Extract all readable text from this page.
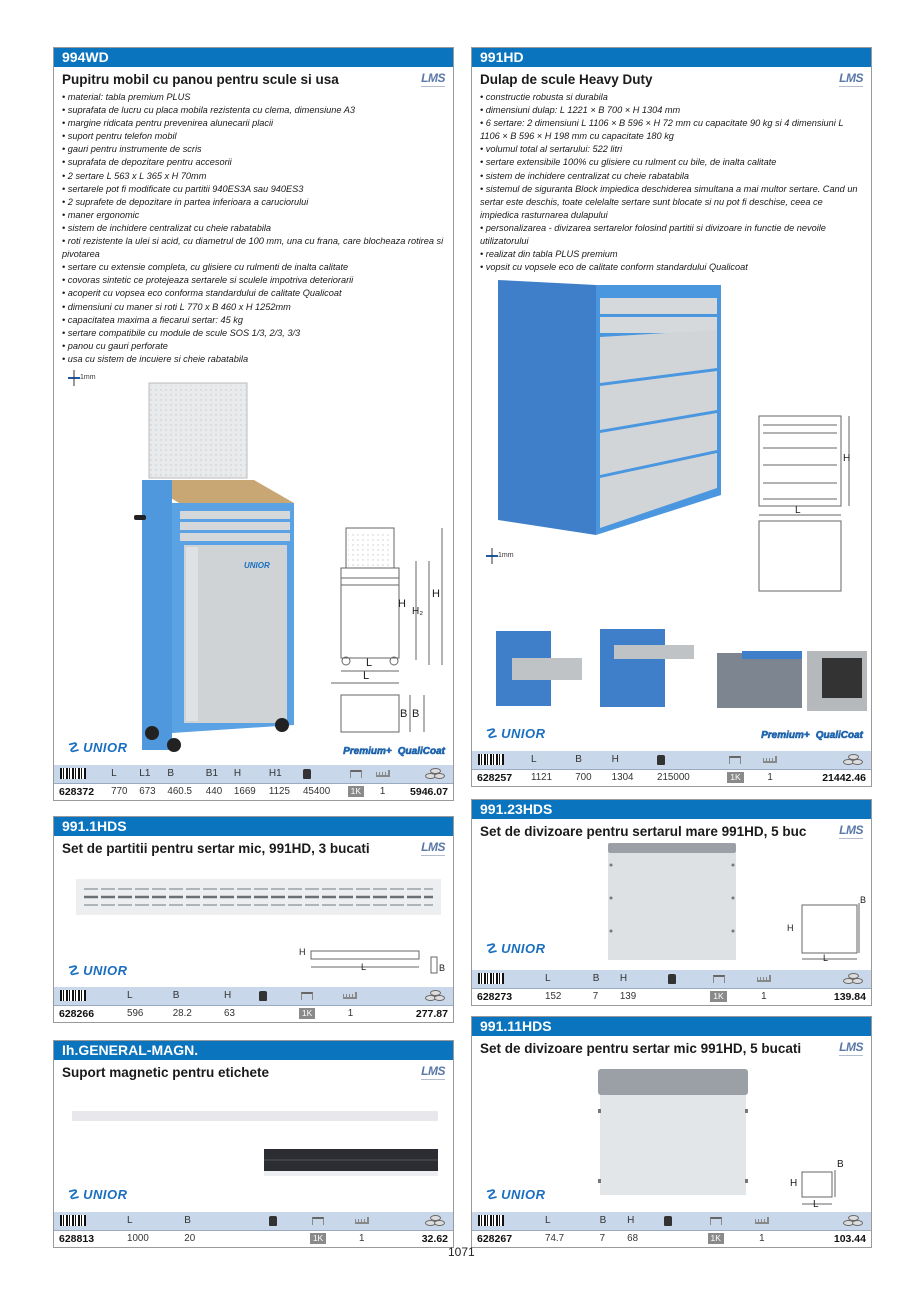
994WD
Pupitru mobil cu panou pentru scule si usa	LMS
• material: tabla premium PLUS
• suprafata de lucru cu placa mobila rezistenta cu clema, dimensiune A3
• margine ridicata pentru prevenirea alunecarii placii
• suport pentru telefon mobil
• gauri pentru instrumente de scris
• suprafata de depozitare pentru accesorii
• 2 sertare L 563 x L 365 x H 70mm
• sertarele pot fi modificate cu partitii 940ES3A sau 940ES3
• 2 suprafete de depozitare in partea inferioara a caruciorului
• maner ergonomic
• sistem de inchidere centralizat cu cheie rabatabila
• roti rezistente la ulei si acid, cu diametrul de 100 mm, una cu frana, care blocheaza rotirea si pivotarea
• sertare cu extensie completa, cu glisiere cu rulmenti de inalta calitate
• covoras sintetic ce protejeaza sertarele si sculele impotriva deteriorarii
• acoperit cu vopsea eco conforma standardului de calitate Qualicoat
• dimensiuni cu maner si roti L 770 x B 460 x H 1252mm
• capacitatea maxima a fiecarui sertar: 45 kg
• sertare compatibile cu module de scule SOS 1/3, 2/3, 3/3
• panou cu gauri perforate
• usa cu sistem de incuiere si cheie rabatabila
1mm
UNIOR
H
H₂
H
L
L
B B
☡ UNIOR	Premium+ QualiCoat
	L	L1	B	B1	H	H1				

628372	770	673	460.5	440	1669	1125	45400	1K	1	5946.07
991HD
Dulap de scule Heavy Duty	LMS
• constructie robusta si durabila
• dimensiuni dulap: L 1221 × B 700 × H 1304 mm
• 6 sertare: 2 dimensiuni L 1106 × B 596 × H 72 mm cu capacitate 90 kg si 4 dimensiuni L 1106 × B 596 × H 198 mm cu capacitate 180 kg
• volumul total al sertarului: 522 litri
• sertare extensibile 100% cu glisiere cu rulment cu bile, de inalta calitate
• sistem de inchidere centralizat cu cheie rabatabila
• sistemul de siguranta Block impiedica deschiderea simultana a mai multor sertare. Cand un sertar este deschis, toate celelalte sertare sunt blocate si nu pot fi deschise, ceea ce impiedica rasturnarea dulapului
• personalizarea - divizarea sertarelor folosind partitii si divizoare in functie de nevoile utilizatorului
• realizat din tabla PLUS premium
• vopsit cu vopsele eco de calitate conform standardului Qualicoat
H
L
1mm
☡ UNIOR	Premium+ QualiCoat
	L	B	H				

628257	1121	700	1304	215000	1K	1	21442.46
991.1HDS
Set de partitii pentru sertar mic, 991HD, 3 bucati	LMS
H
L	B
☡ UNIOR
	L	B	H				

628266	596	28.2	63		1K	1	277.87
991.23HDS
Set de divizoare pentru sertarul mare 991HD, 5 buc	LMS
H
L
B
☡ UNIOR
	L	B	H				

628273	152	7	139		1K	1	139.84
Ih.GENERAL-MAGN.
Suport magnetic pentru etichete	LMS
☡ UNIOR
	L	B					

628813	1000	20			1K	1	32.62
991.11HDS
Set de divizoare pentru sertar mic 991HD, 5 bucati	LMS
H
L
B
☡ UNIOR
	L	B	H				

628267	74.7	7	68		1K	1	103.44
1071
